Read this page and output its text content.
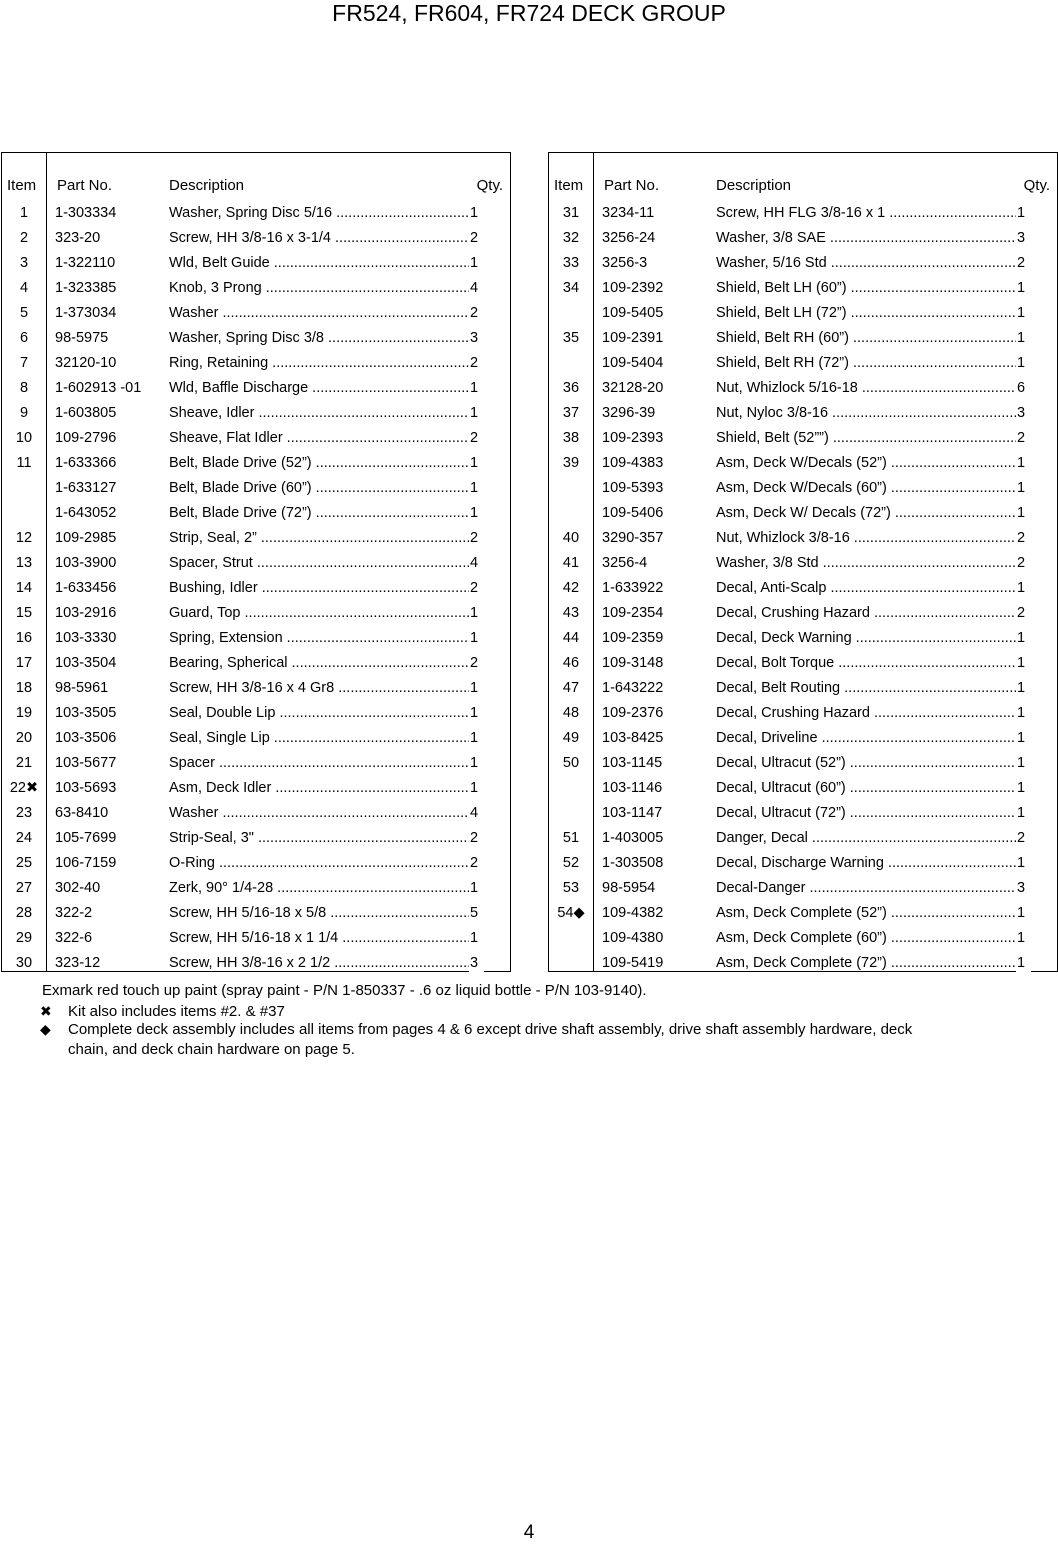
FR524, FR604, FR724 DECK GROUP
Item Part No.	Description	Qty.
1	1-303334	Washer, Spring Disc 5/16 .....	1
2	323-20	Screw, HH 3/8-16 x 3-1/4 .....	2
3	1-322110	Wld, Belt Guide .....	1
4	1-323385	Knob, 3 Prong .....	4
5	1-373034	Washer .....	2
6	98-5975	Washer, Spring Disc 3/8 .....	3
7	32120-10	Ring, Retaining .....	2
8	1-602913 -01 Wld, Baffle Discharge .....	1
9	1-603805	Sheave, Idler .....	1
10	109-2796	Sheave, Flat Idler .....	2
11	1-633366	Belt, Blade Drive (52”) .....	1
1-633127	Belt, Blade Drive (60”) .....	1
1-643052	Belt, Blade Drive (72”) .....	1
12	109-2985	Strip, Seal, 2” .....	2
13	103-3900	Spacer, Strut .....	4
14	1-633456	Bushing, Idler .....	2
15	103-2916	Guard, Top .....	1
16	103-3330	Spring, Extension .....	1
17	103-3504	Bearing, Spherical .....	2
18	98-5961	Screw, HH 3/8-16 x 4 Gr8 .....	1
19	103-3505	Seal, Double Lip .....	1
20	103-3506	Seal, Single Lip .....	1
21	103-5677	Spacer .....	1
22✖	103-5693	Asm, Deck Idler .....	1
23	63-8410	Washer .....	4
24	105-7699	Strip-Seal, 3" .....	2
25	106-7159	O-Ring .....	2
27	302-40	Zerk, 90° 1/4-28 .....	1
28	322-2	Screw, HH 5/16-18 x 5/8 .....	5
29	322-6	Screw, HH 5/16-18 x 1 1/4 .....	1
30	323-12	Screw, HH 3/8-16 x 2 1/2 .....	3
Item Part No.	Description	Qty.
31	3234-11	Screw, HH FLG 3/8-16 x 1 .....	1
32	3256-24	Washer, 3/8 SAE .....	3
33	3256-3	Washer, 5/16 Std .....	2
34	109-2392	Shield, Belt LH (60”) .....	1
109-5405	Shield, Belt LH (72”) .....	1
35	109-2391	Shield, Belt RH (60”) .....	1
109-5404	Shield, Belt RH (72”) .....	1
36	32128-20	Nut, Whizlock 5/16-18 .....	6
37	3296-39	Nut, Nyloc 3/8-16 .....	3
38	109-2393	Shield, Belt (52””) .....	2
39	109-4383	Asm, Deck W/Decals (52”) .....	1
109-5393	Asm, Deck W/Decals (60”) .....	1
109-5406	Asm, Deck W/ Decals (72”) .....	1
40	3290-357	Nut, Whizlock 3/8-16 .....	2
41	3256-4	Washer, 3/8 Std .....	2
42	1-633922	Decal, Anti-Scalp .....	1
43	109-2354	Decal, Crushing Hazard .....	2
44	109-2359	Decal, Deck Warning .....	1
46	109-3148	Decal, Bolt Torque .....	1
47	1-643222	Decal, Belt Routing .....	1
48	109-2376	Decal, Crushing Hazard .....	1
49	103-8425	Decal, Driveline .....	1
50	103-1145	Decal, Ultracut (52”) .....	1
103-1146	Decal, Ultracut (60”) .....	1
103-1147	Decal, Ultracut (72”) .....	1
51	1-403005	Danger, Decal .....	2
52	1-303508	Decal, Discharge Warning .....	1
53	98-5954	Decal-Danger .....	3
54◆	109-4382	Asm, Deck Complete (52”) .....	1
109-4380	Asm, Deck Complete (60”) .....	1
109-5419	Asm, Deck Complete (72”) .....	1
Exmark red touch up paint (spray paint - P/N 1-850337 - .6 oz liquid bottle - P/N 103-9140).
✖ Kit also includes items #2. & #37
◆ Complete deck assembly includes all items from pages 4 & 6 except drive shaft assembly, drive shaft assembly hardware, deck
chain, and deck chain hardware on page 5.
4
